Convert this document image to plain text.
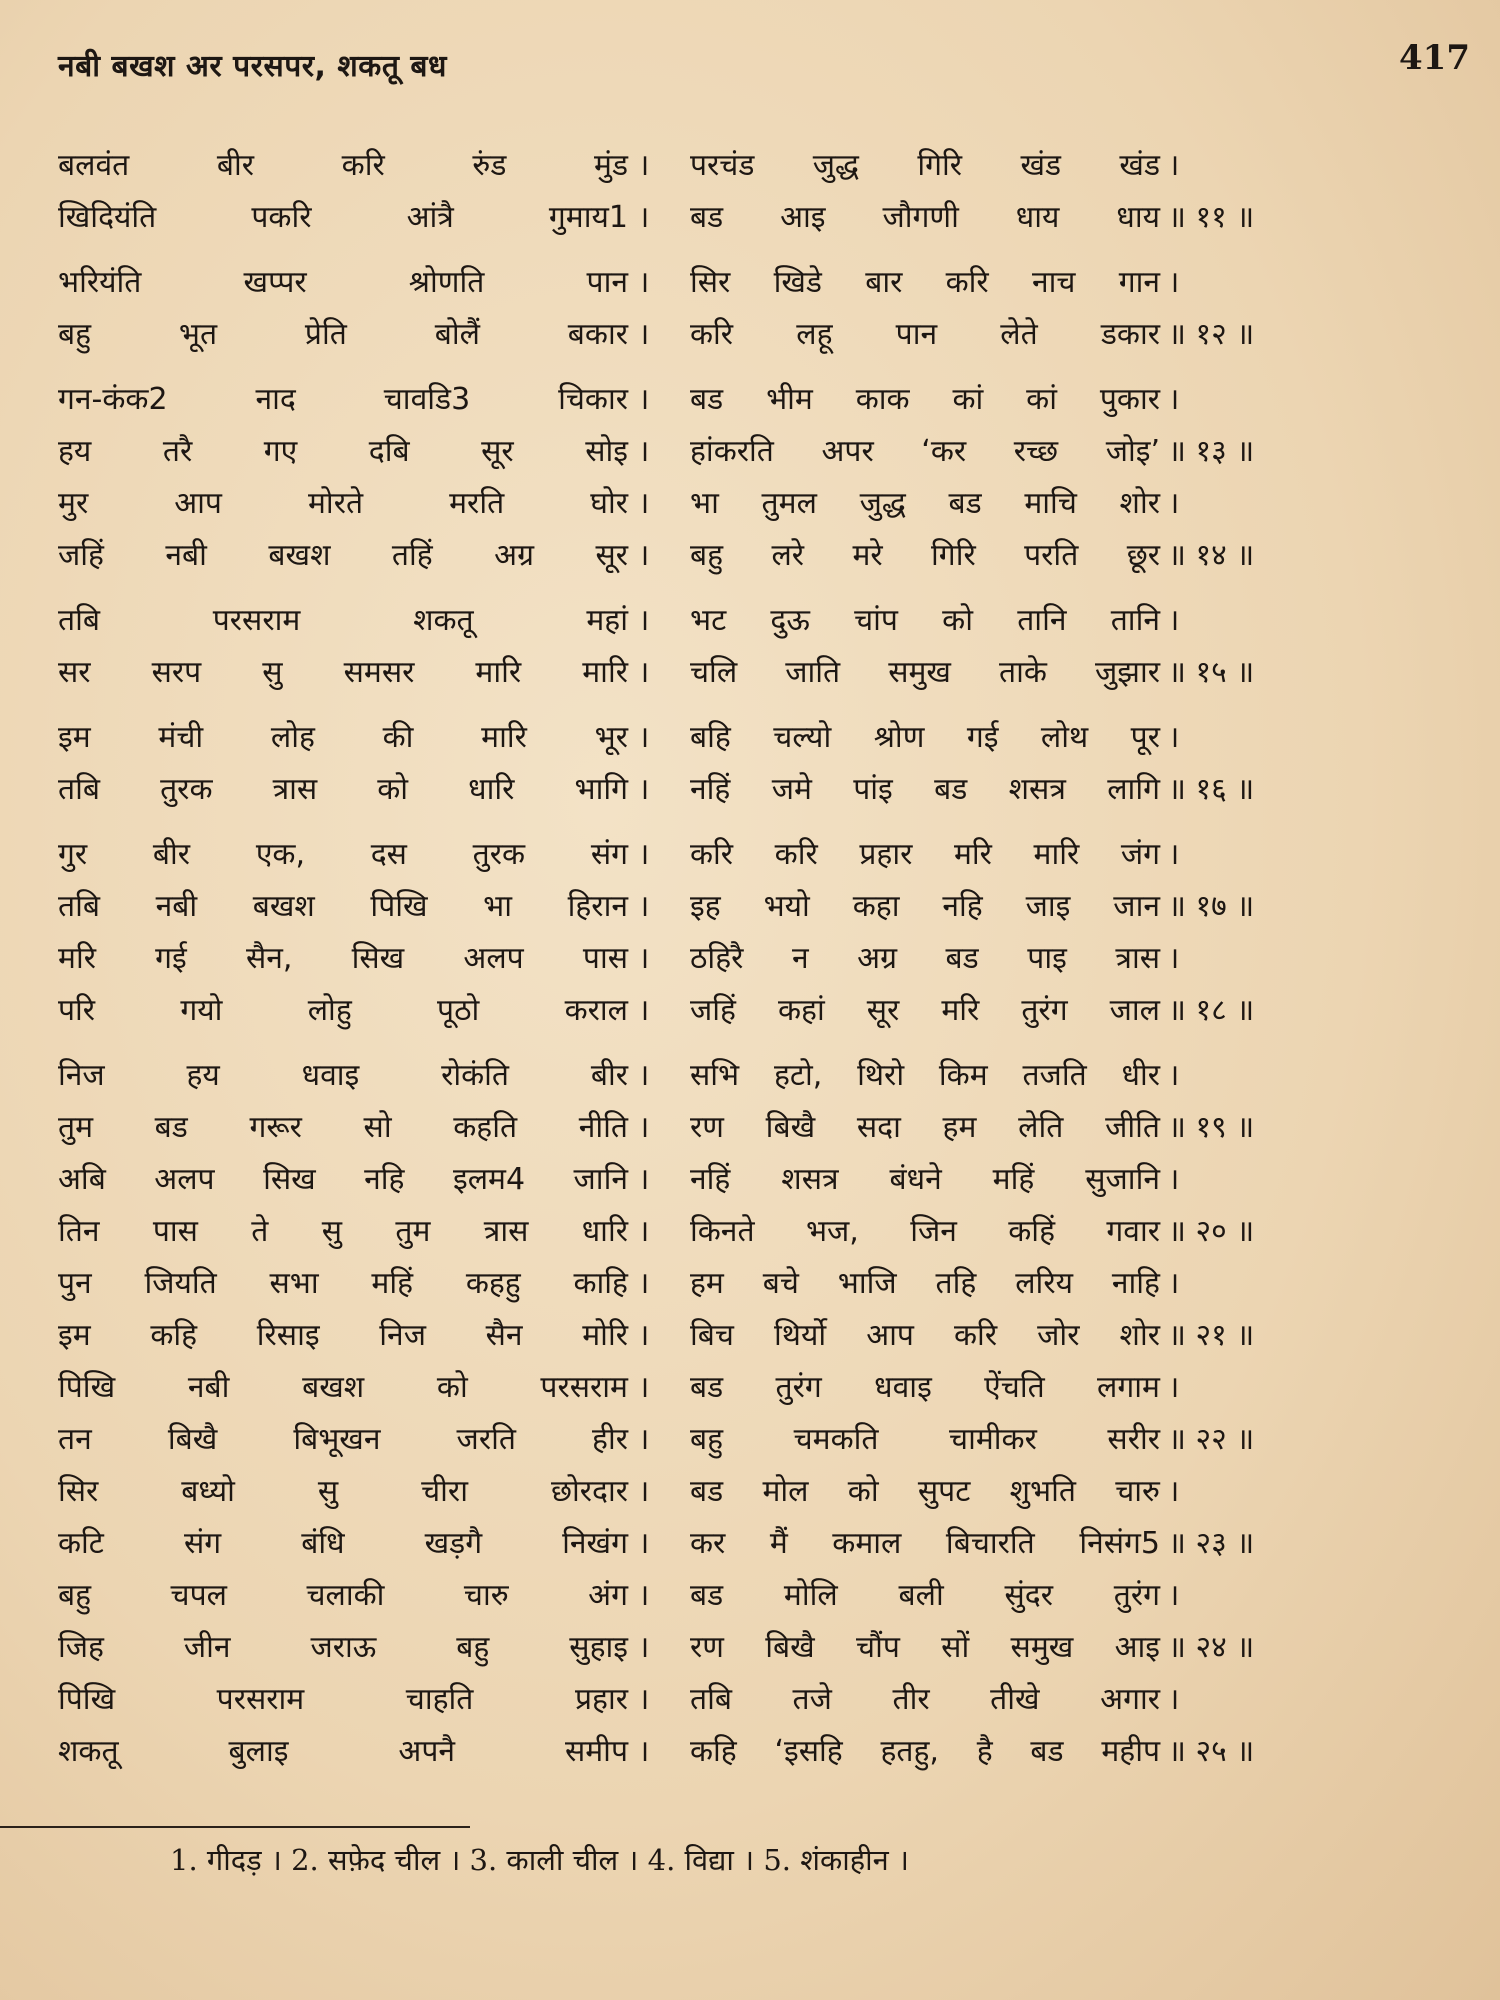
नबी बखश अर परसपर, शकतू बध	417
बलवंत बीर करि रुंड मुंड । परचंड जुद्ध गिरि खंड खंड ।
खिदियंति पकरि आंत्रै गुमाय1 । बड आइ जौगणी धाय धाय ॥ ११ ॥
भरियंति खप्पर श्रोणति पान । सिर खिडे बार करि नाच गान ।
बहु भूत प्रेति बोलैं बकार । करि लहू पान लेते डकार ॥ १२ ॥
गन-कंक2 नाद चावडि3 चिकार । बड भीम काक कां कां पुकार ।
हय तरै गए दबि सूर सोइ । हांकरति अपर ‘कर रच्छ जोइ’ ॥ १३ ॥
मुर आप मोरते मरति घोर । भा तुमल जुद्ध बड माचि शोर ।
जहिं नबी बखश तहिं अग्र सूर । बहु लरे मरे गिरि परति छूर ॥ १४ ॥
तबि परसराम शकतू महां । भट दुऊ चांप को तानि तानि ।
सर सरप सु समसर मारि मारि । चलि जाति समुख ताके जुझार ॥ १५ ॥
इम मंची लोह की मारि भूर । बहि चल्यो श्रोण गई लोथ पूर ।
तबि तुरक त्रास को धारि भागि । नहिं जमे पांइ बड शसत्र लागि ॥ १६ ॥
गुर बीर एक, दस तुरक संग । करि करि प्रहार मरि मारि जंग ।
तबि नबी बखश पिखि भा हिरान । इह भयो कहा नहि जाइ जान ॥ १७ ॥
मरि गई सैन, सिख अलप पास । ठहिरै न अग्र बड पाइ त्रास ।
परि गयो लोहु पूठो कराल । जहिं कहां सूर मरि तुरंग जाल ॥ १८ ॥
निज हय धवाइ रोकंति बीर । सभि हटो, थिरो किम तजति धीर ।
तुम बड गरूर सो कहति नीति । रण बिखै सदा हम लेति जीति ॥ १९ ॥
अबि अलप सिख नहि इलम4 जानि । नहिं शसत्र बंधने महिं सुजानि ।
तिन पास ते सु तुम त्रास धारि । किनते भज, जिन कहिं गवार ॥ २० ॥
पुन जियति सभा महिं कहहु काहि । हम बचे भाजि तहि लरिय नाहि ।
इम कहि रिसाइ निज सैन मोरि । बिच थिर्यो आप करि जोर शोर ॥ २१ ॥
पिखि नबी बखश को परसराम । बड तुरंग धवाइ ऐंचति लगाम ।
तन बिखै बिभूखन जरति हीर । बहु चमकति चामीकर सरीर ॥ २२ ॥
सिर बध्यो सु चीरा छोरदार । बड मोल को सुपट शुभति चारु ।
कटि संग बंधि खड़गै निखंग । कर मैं कमाल बिचारति निसंग5 ॥ २३ ॥
बहु चपल चलाकी चारु अंग । बड मोलि बली सुंदर तुरंग ।
जिह जीन जराऊ बहु सुहाइ । रण बिखै चौंप सों समुख आइ ॥ २४ ॥
पिखि परसराम चाहति प्रहार । तबि तजे तीर तीखे अगार ।
शकतू बुलाइ अपनै समीप । कहि ‘इसहि हतहु, है बड महीप ॥ २५ ॥
1. गीदड़ । 2. सफ़ेद चील । 3. काली चील । 4. विद्या । 5. शंकाहीन ।
